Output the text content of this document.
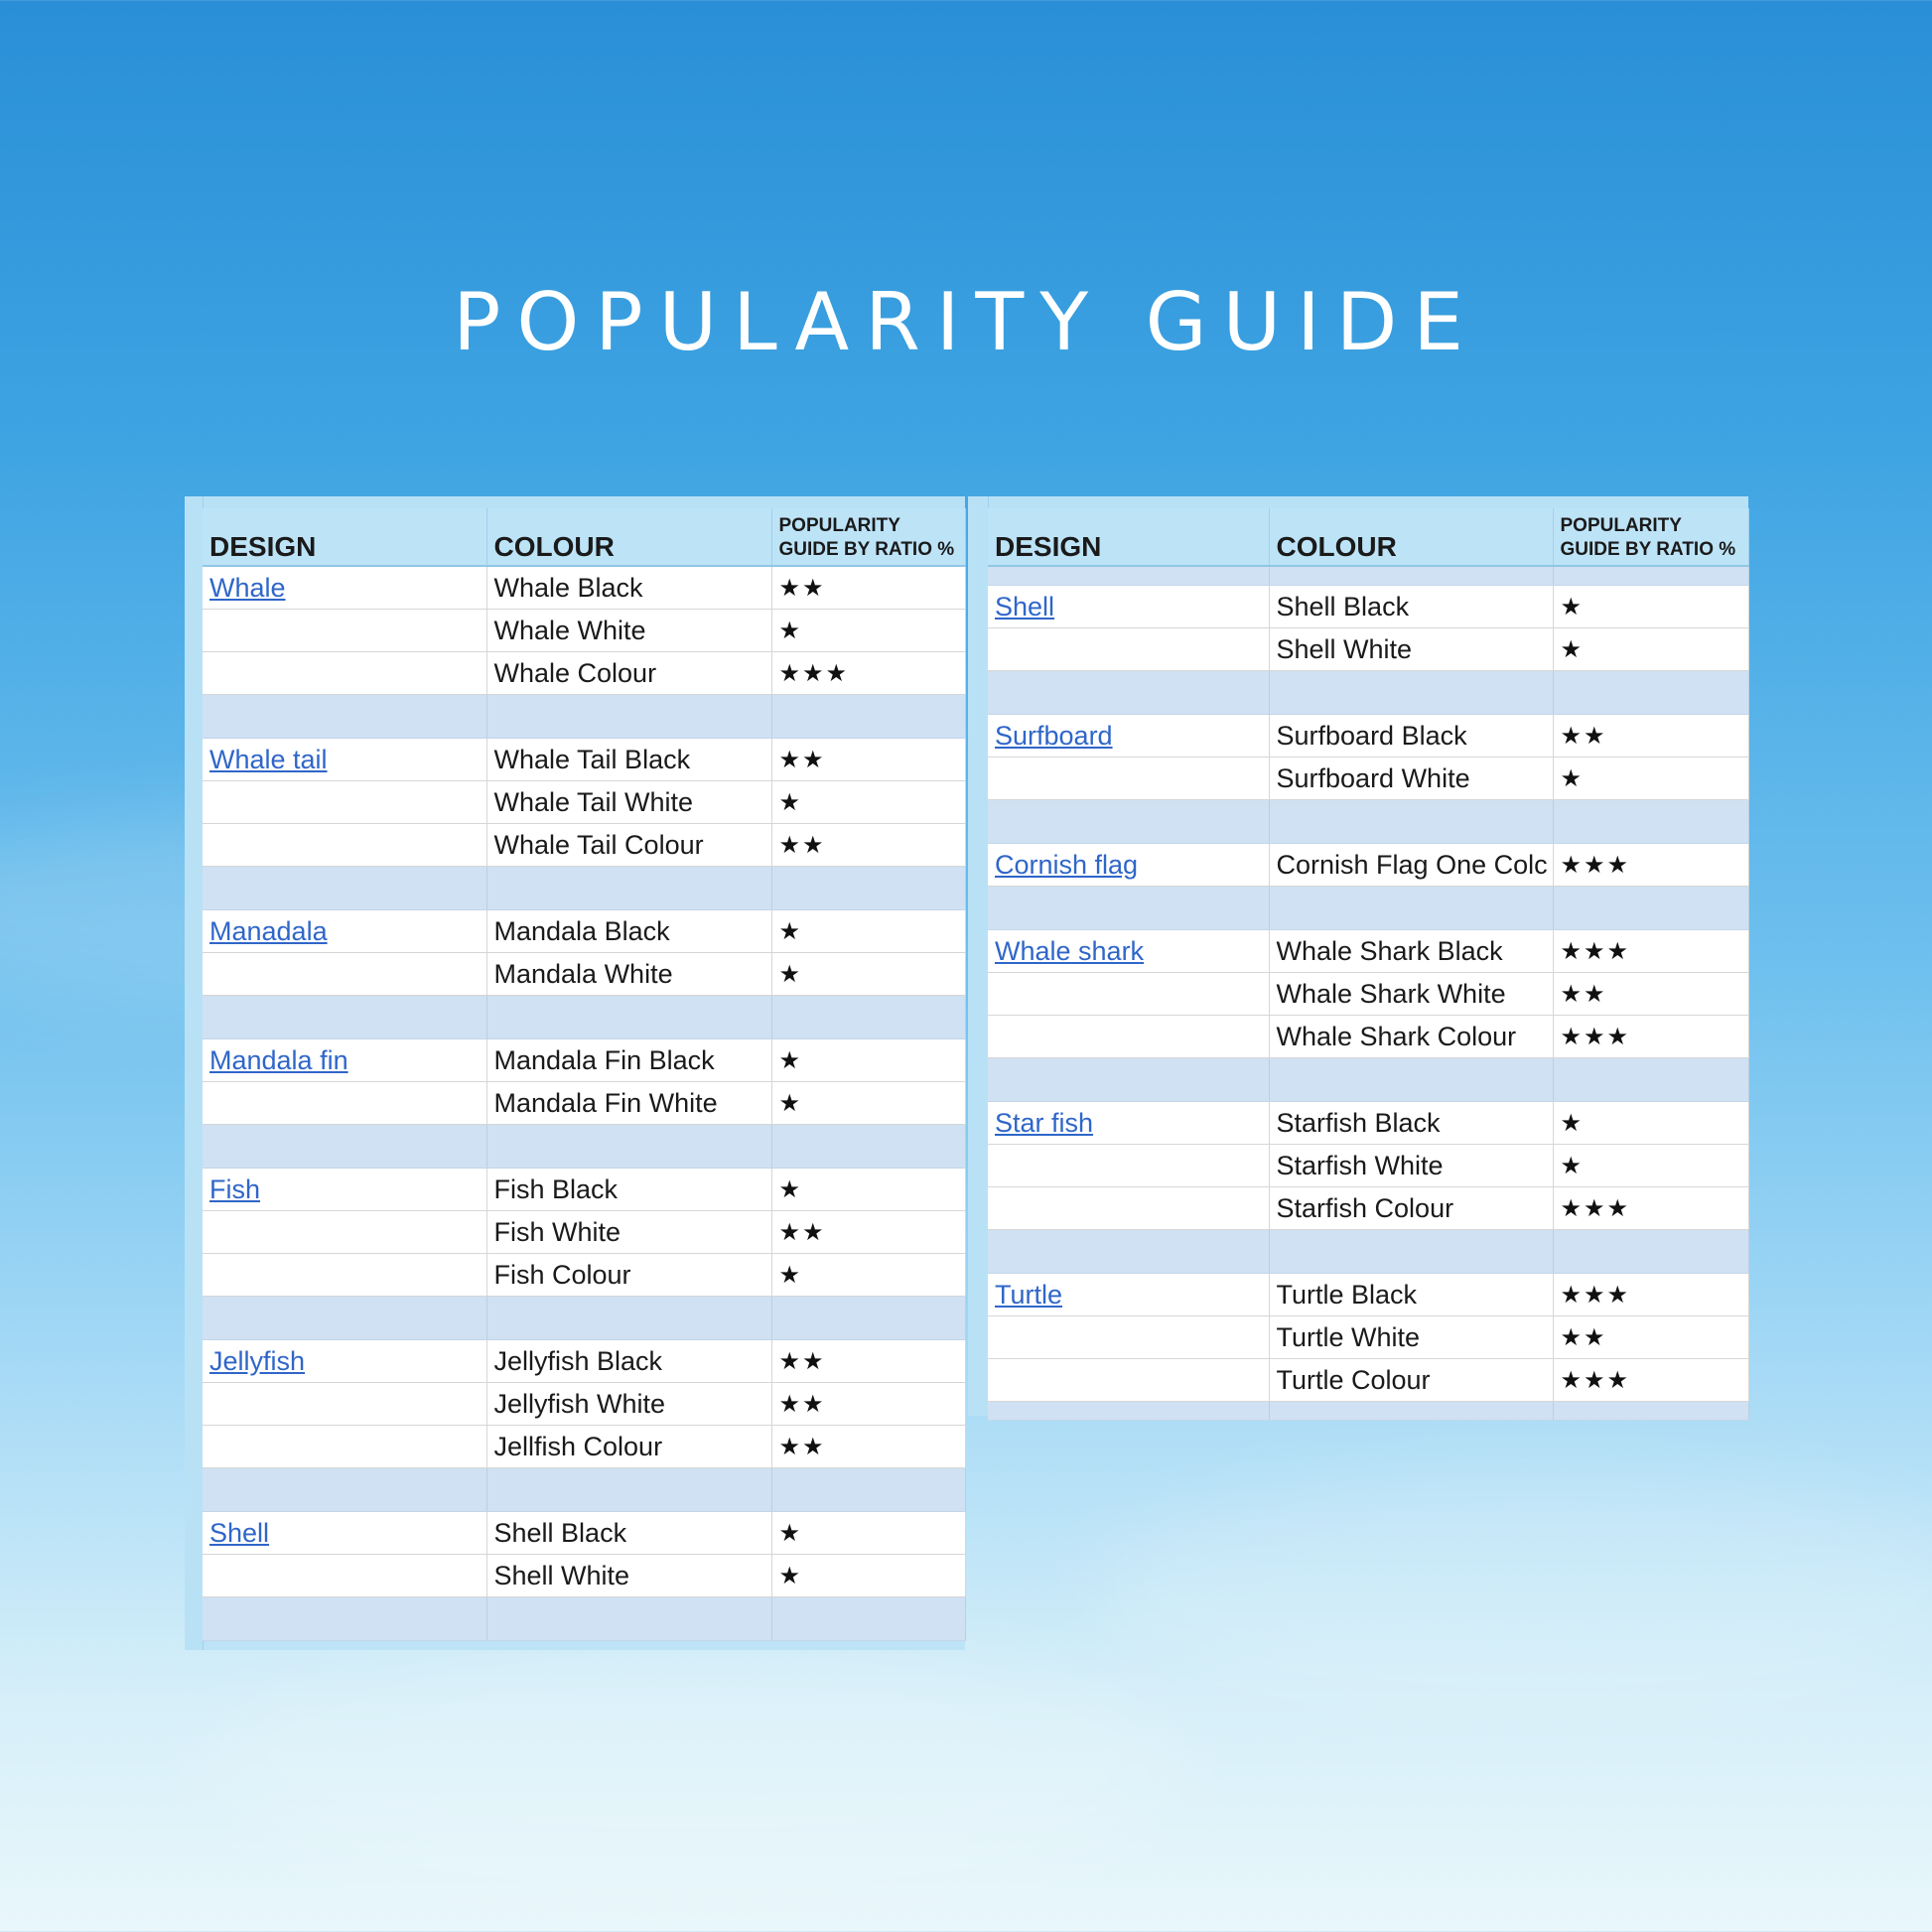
POPULARITY GUIDE
DESIGN	COLOUR	POPULARITY
GUIDE BY RATIO %
Whale	Whale Black	★★
	Whale White	★
	Whale Colour	★★★

Whale tail	Whale Tail Black	★★
	Whale Tail White	★
	Whale Tail Colour	★★

Manadala	Mandala Black	★
	Mandala White	★

Mandala fin	Mandala Fin Black	★
	Mandala Fin White	★

Fish	Fish Black	★
	Fish White	★★
	Fish Colour	★

Jellyfish	Jellyfish Black	★★
	Jellyfish White	★★
	Jellfish Colour	★★

Shell	Shell Black	★
	Shell White	★

DESIGN	COLOUR	POPULARITY
GUIDE BY RATIO %

Shell	Shell Black	★
	Shell White	★

Surfboard	Surfboard Black	★★
	Surfboard White	★

Cornish flag	Cornish Flag One Colc	★★★

Whale shark	Whale Shark Black	★★★
	Whale Shark White	★★
	Whale Shark Colour	★★★

Star fish	Starfish Black	★
	Starfish White	★
	Starfish Colour	★★★

Turtle	Turtle Black	★★★
	Turtle White	★★
	Turtle Colour	★★★
